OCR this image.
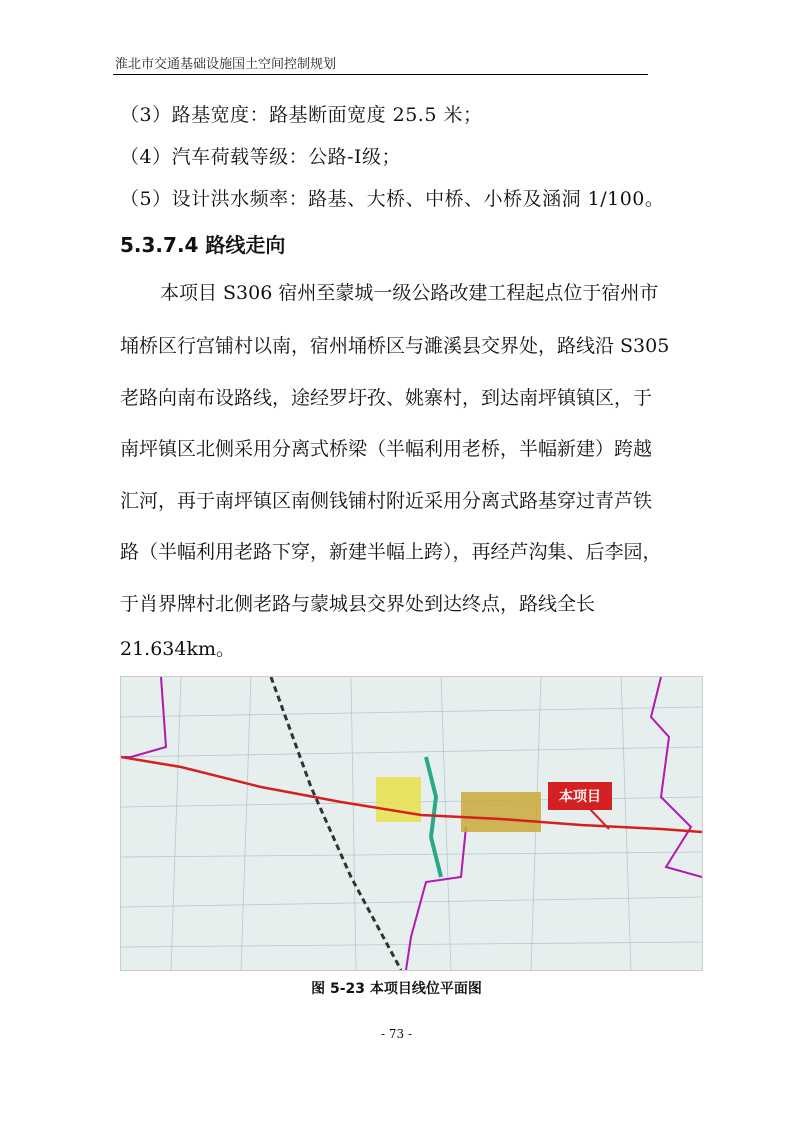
淮北市交通基础设施国土空间控制规划
（3）路基宽度：路基断面宽度 25.5 米；
（4）汽车荷载等级：公路-Ⅰ级；
（5）设计洪水频率：路基、大桥、中桥、小桥及涵洞 1/100。
5.3.7.4 路线走向
本项目 S306 宿州至蒙城一级公路改建工程起点位于宿州市
埇桥区行宫铺村以南，宿州埇桥区与濉溪县交界处，路线沿 S305
老路向南布设路线，途经罗圩孜、姚寨村，到达南坪镇镇区，于
南坪镇区北侧采用分离式桥梁（半幅利用老桥，半幅新建）跨越
汇河，再于南坪镇区南侧钱铺村附近采用分离式路基穿过青芦铁
路（半幅利用老路下穿，新建半幅上跨），再经芦沟集、后李园，
于肖界牌村北侧老路与蒙城县交界处到达终点，路线全长
21.634km。
本项目
图 5-23 本项目线位平面图
- 73 -
